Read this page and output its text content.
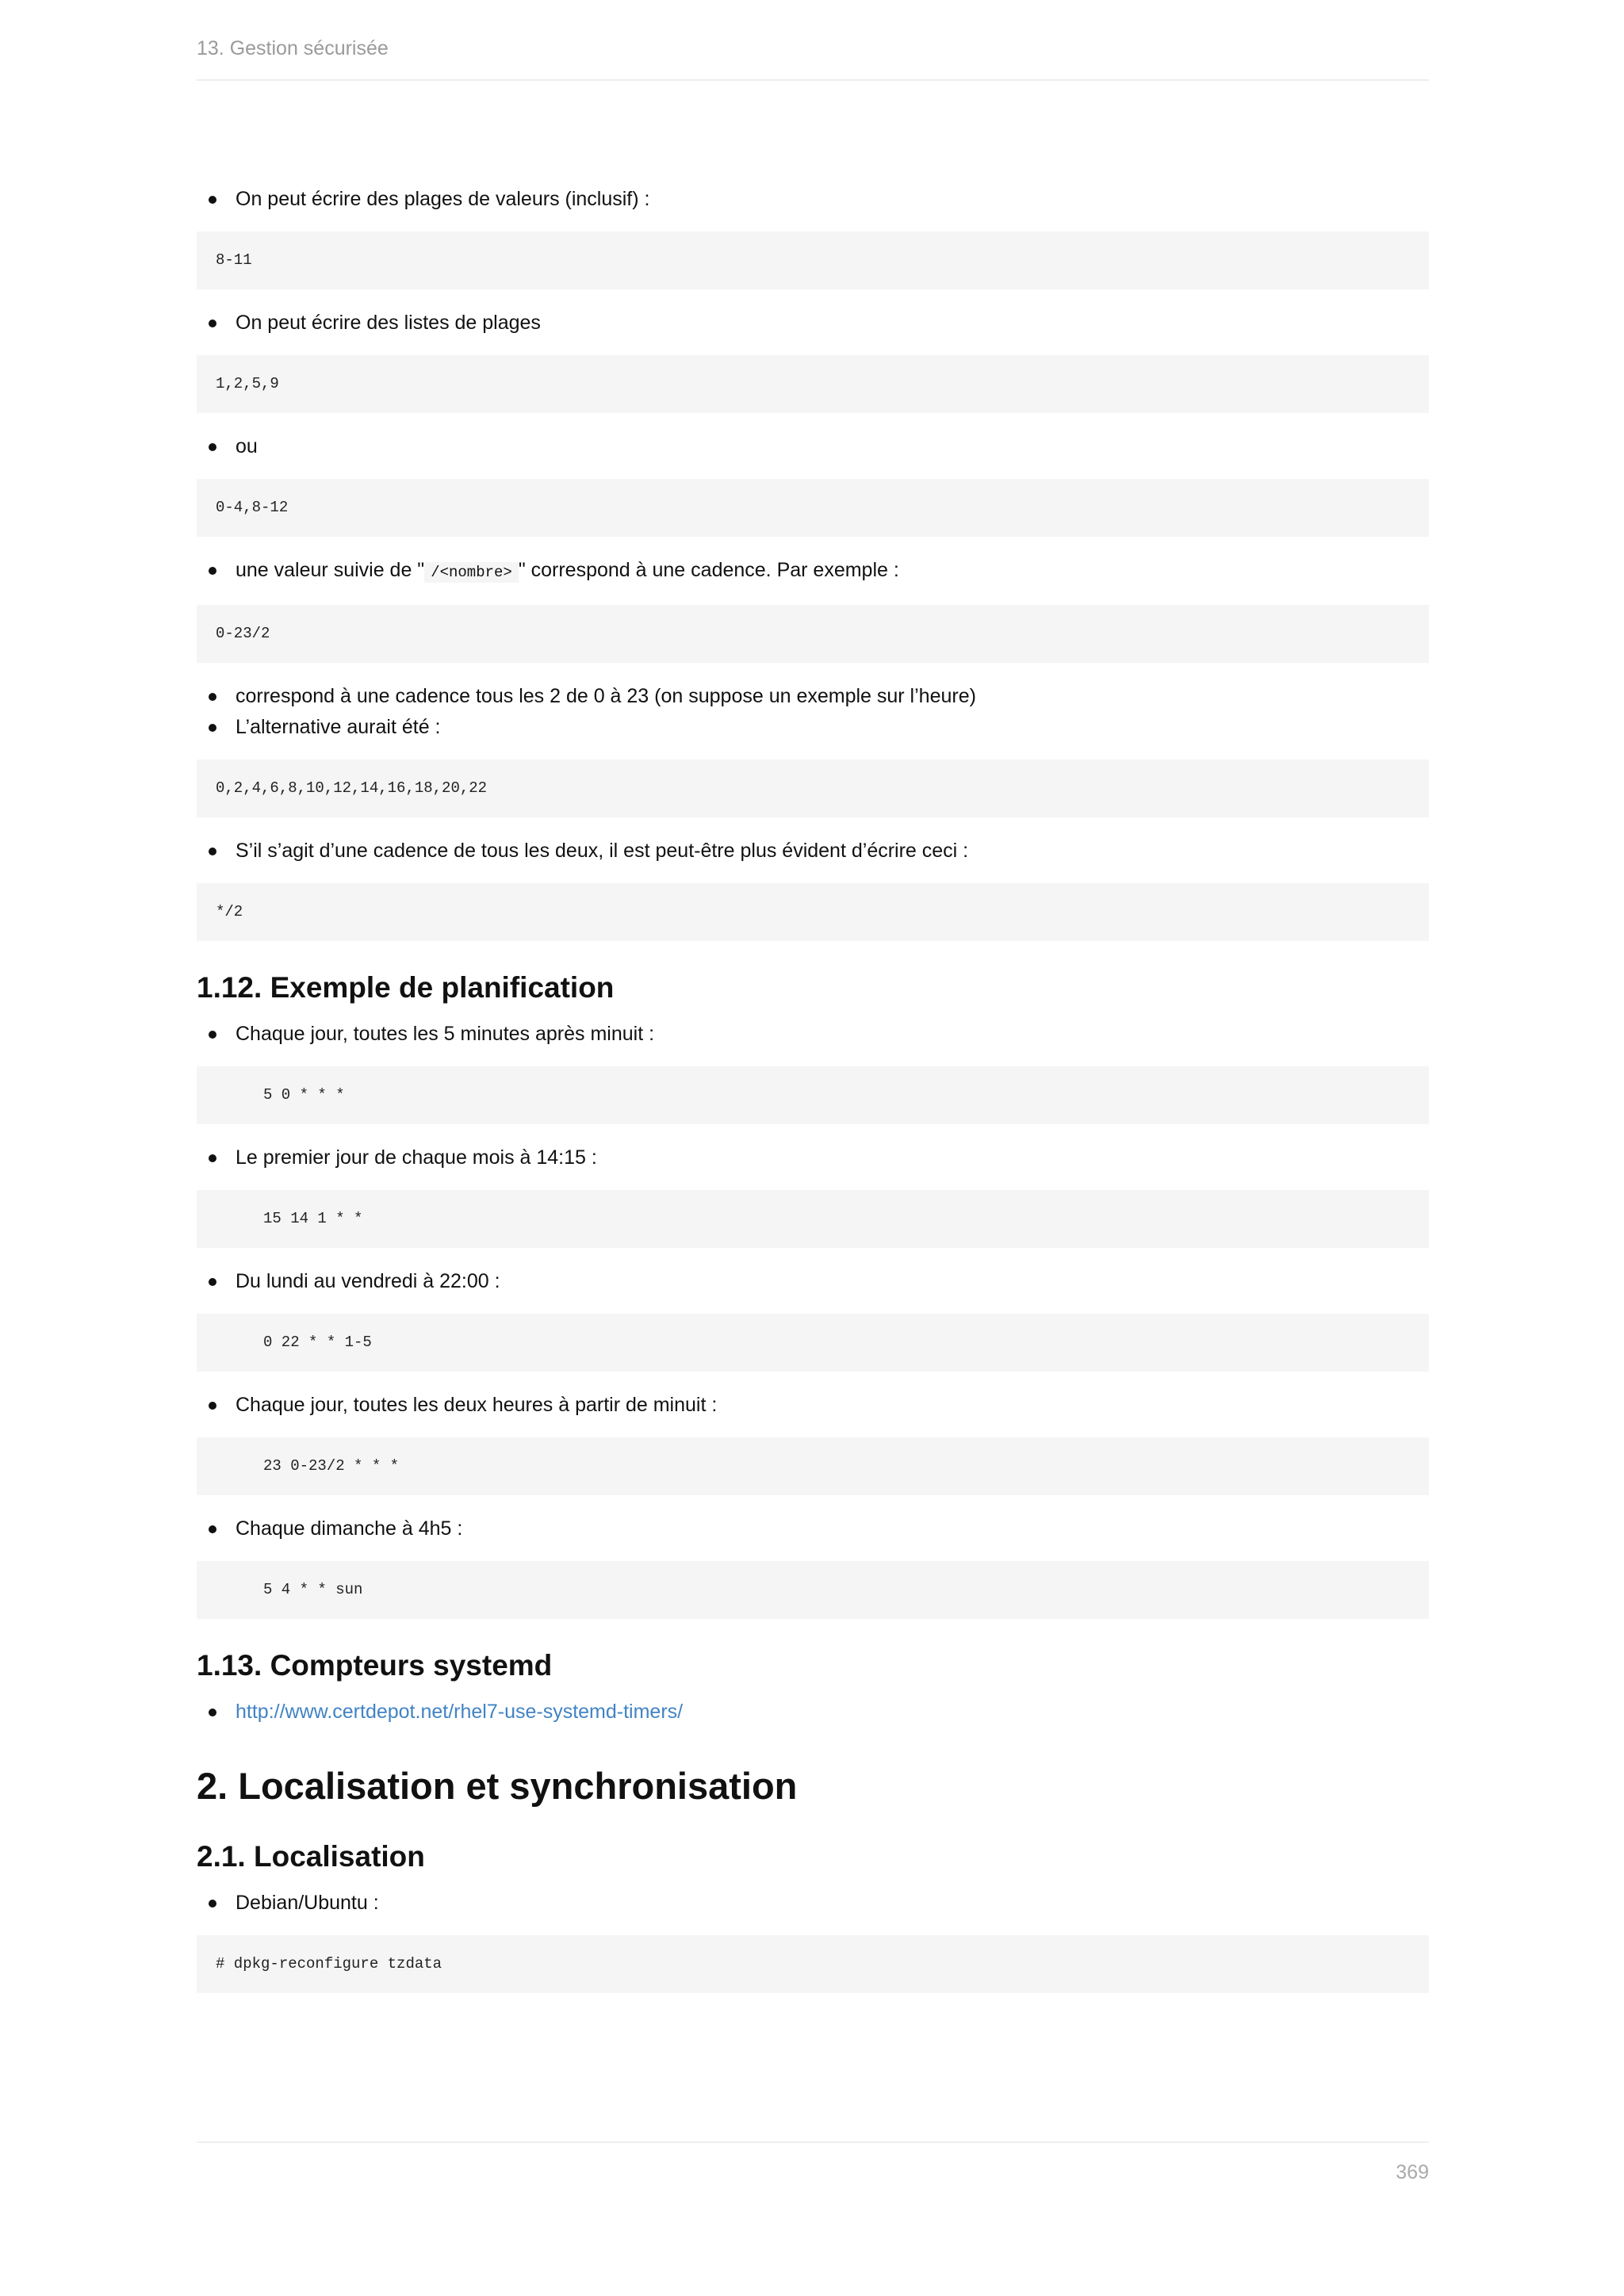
13. Gestion sécurisée
On peut écrire des plages de valeurs (inclusif) :
8-11
On peut écrire des listes de plages
1,2,5,9
ou
0-4,8-12
une valeur suivie de " /<nombre> " correspond à une cadence. Par exemple :
0-23/2
correspond à une cadence tous les 2 de 0 à 23 (on suppose un exemple sur l’heure)
L’alternative aurait été :
0,2,4,6,8,10,12,14,16,18,20,22
S’il s’agit d’une cadence de tous les deux, il est peut-être plus évident d’écrire ceci :
*/2
1.12. Exemple de planification
Chaque jour, toutes les 5 minutes après minuit :
5 0 * * *
Le premier jour de chaque mois à 14:15 :
15 14 1 * *
Du lundi au vendredi à 22:00 :
0 22 * * 1-5
Chaque jour, toutes les deux heures à partir de minuit :
23 0-23/2 * * *
Chaque dimanche à 4h5 :
5 4 * * sun
1.13. Compteurs systemd
http://www.certdepot.net/rhel7-use-systemd-timers/
2. Localisation et synchronisation
2.1. Localisation
Debian/Ubuntu :
# dpkg-reconfigure tzdata
369
